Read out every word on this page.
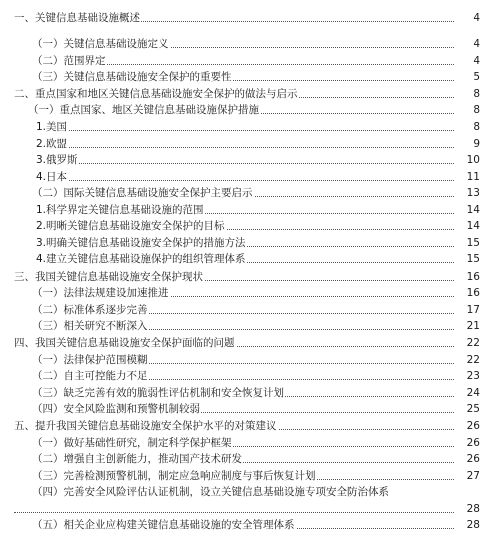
一、关键信息基础设施概述	4
（一）关键信息基础设施定义	4
（二）范围界定	4
（三）关键信息基础设施安全保护的重要性	5
二、重点国家和地区关键信息基础设施安全保护的做法与启示	8
（一）重点国家、地区关键信息基础设施保护措施	8
1.美国	8
2.欧盟	9
3.俄罗斯	10
4.日本	11
（二）国际关键信息基础设施安全保护主要启示	13
1.科学界定关键信息基础设施的范围	14
2.明晰关键信息基础设施安全保护的目标	14
3.明确关键信息基础设施安全保护的措施方法	15
4.建立关键信息基础设施保护的组织管理体系	15
三、我国关键信息基础设施安全保护现状	16
（一）法律法规建设加速推进	16
（二）标准体系逐步完善	17
（三）相关研究不断深入	21
四、我国关键信息基础设施安全保护面临的问题	22
（一）法律保护范围模糊	22
（二）自主可控能力不足	23
（三）缺乏完善有效的脆弱性评估机制和安全恢复计划	24
（四）安全风险监测和预警机制较弱	25
五、提升我国关键信息基础设施安全保护水平的对策建议	26
（一）做好基础性研究，制定科学保护框架	26
（二）增强自主创新能力，推动国产技术研发	26
（三）完善检测预警机制，制定应急响应制度与事后恢复计划	27
（四）完善安全风险评估认证机制，设立关键信息基础设施专项安全防治体系
28
（五）相关企业应构建关键信息基础设施的安全管理体系	28
